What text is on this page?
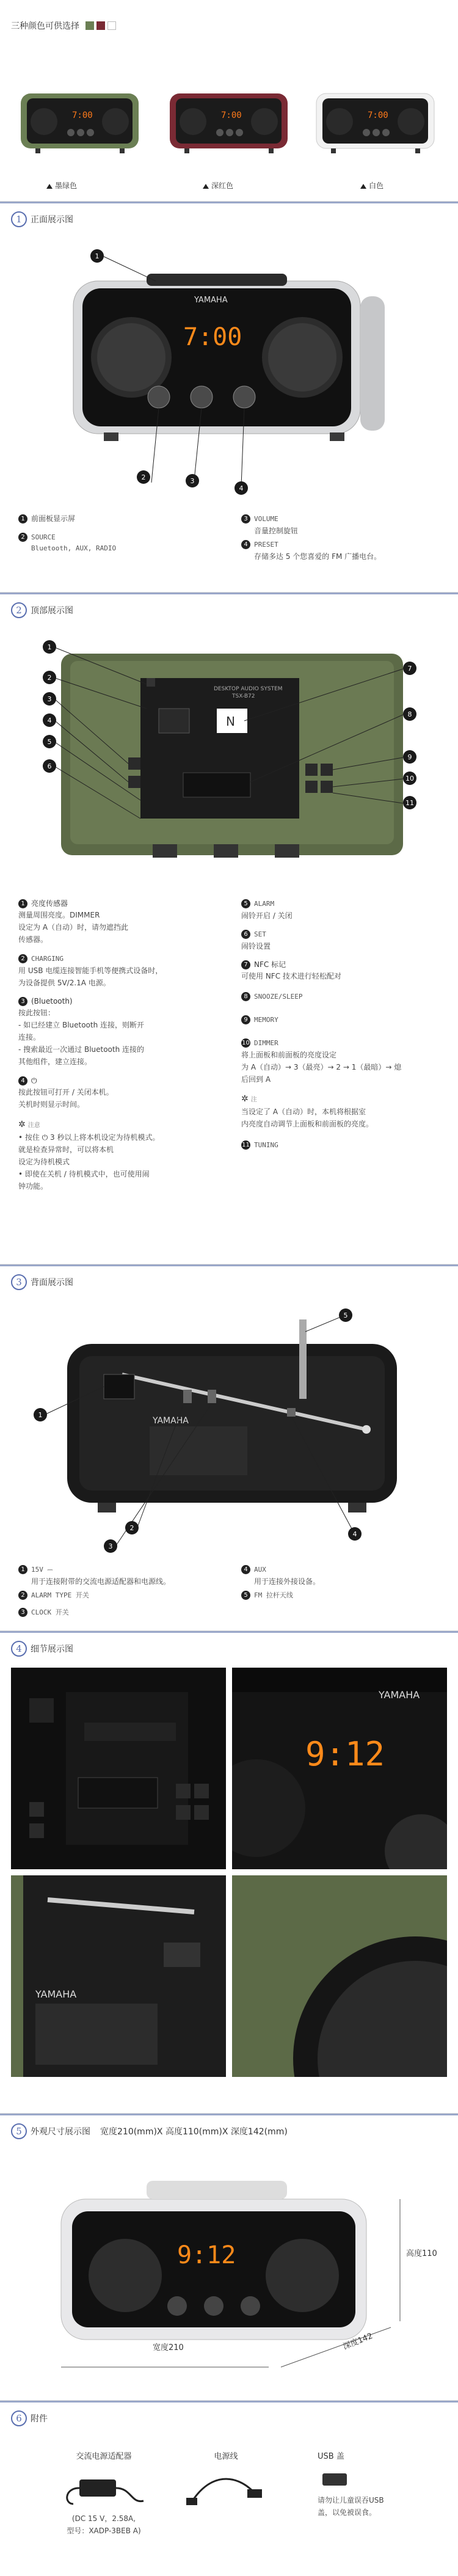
三种颜色可供选择
7:00	7:00	7:00
墨绿色	深红色	白色
1	正面展示图
YAMAHA
7:00
1
2	3
4
1 前面板显示屏
2 SOURCE
Bluetooth, AUX, RADIO
3 VOLUME
音量控制旋钮
4 PRESET
存储多达 5 个您喜爱的 FM 广播电台。
2	顶部展示图
DESKTOP AUDIO SYSTEM
TSX-B72
N
1
2
3
4
5
6
7
8
9
10
11
1 亮度传感器
测量周围亮度。DIMMER
设定为 A（自动）时，请勿遮挡此
传感器。
2 CHARGING
用 USB 电缆连接智能手机等便携式设备时，
为设备提供 5V/2.1A 电源。
3 (Bluetooth)
按此按钮：
- 如已经建立 Bluetooth 连接，则断开
连接。
- 搜索最近一次通过 Bluetooth 连接的
其他组件，建立连接。
4 ⏻
按此按钮可打开 / 关闭本机。
关机时则显示时间。
✲ 注意
• 按住 ⏻ 3 秒以上将本机设定为待机模式。
就是检查异常时，可以将本机
设定为待机模式
• 即使在关机 / 待机模式中，也可使用闹
钟功能。
5 ALARM
闹铃开启 / 关闭
6 SET
闹铃设置
7 NFC 标记
可使用 NFC 技术进行轻松配对
8 SNOOZE/SLEEP
9 MEMORY
10 DIMMER
将上面板和前面板的亮度设定
为 A（自动）→ 3（最亮）→ 2 → 1（最暗）→ 熄
后回到 A
✲ 注
当设定了 A（自动）时，本机将根据室
内亮度自动调节上面板和前面板的亮度。
11 TUNING
3	背面展示图
YAMAHA
1
2
3
4
5
1 15V ⎓
用于连接附带的交流电源适配器和电源线。
2 ALARM TYPE 开关
3 CLOCK 开关
4 AUX
用于连接外接设备。
5 FM 拉杆天线
4	细节展示图
9:12
YAMAHA
YAMAHA
5	外观尺寸展示图 宽度210(mm)X 高度110(mm)X 深度142(mm)
9:12
宽度210	深度142
高度110
6	附件
交流电源适配器
(DC 15 V，2.58A,
型号：XADP-3BEB A)
电源线	USB 盖
请勿让儿童误吞USB
盖，以免被误食。
